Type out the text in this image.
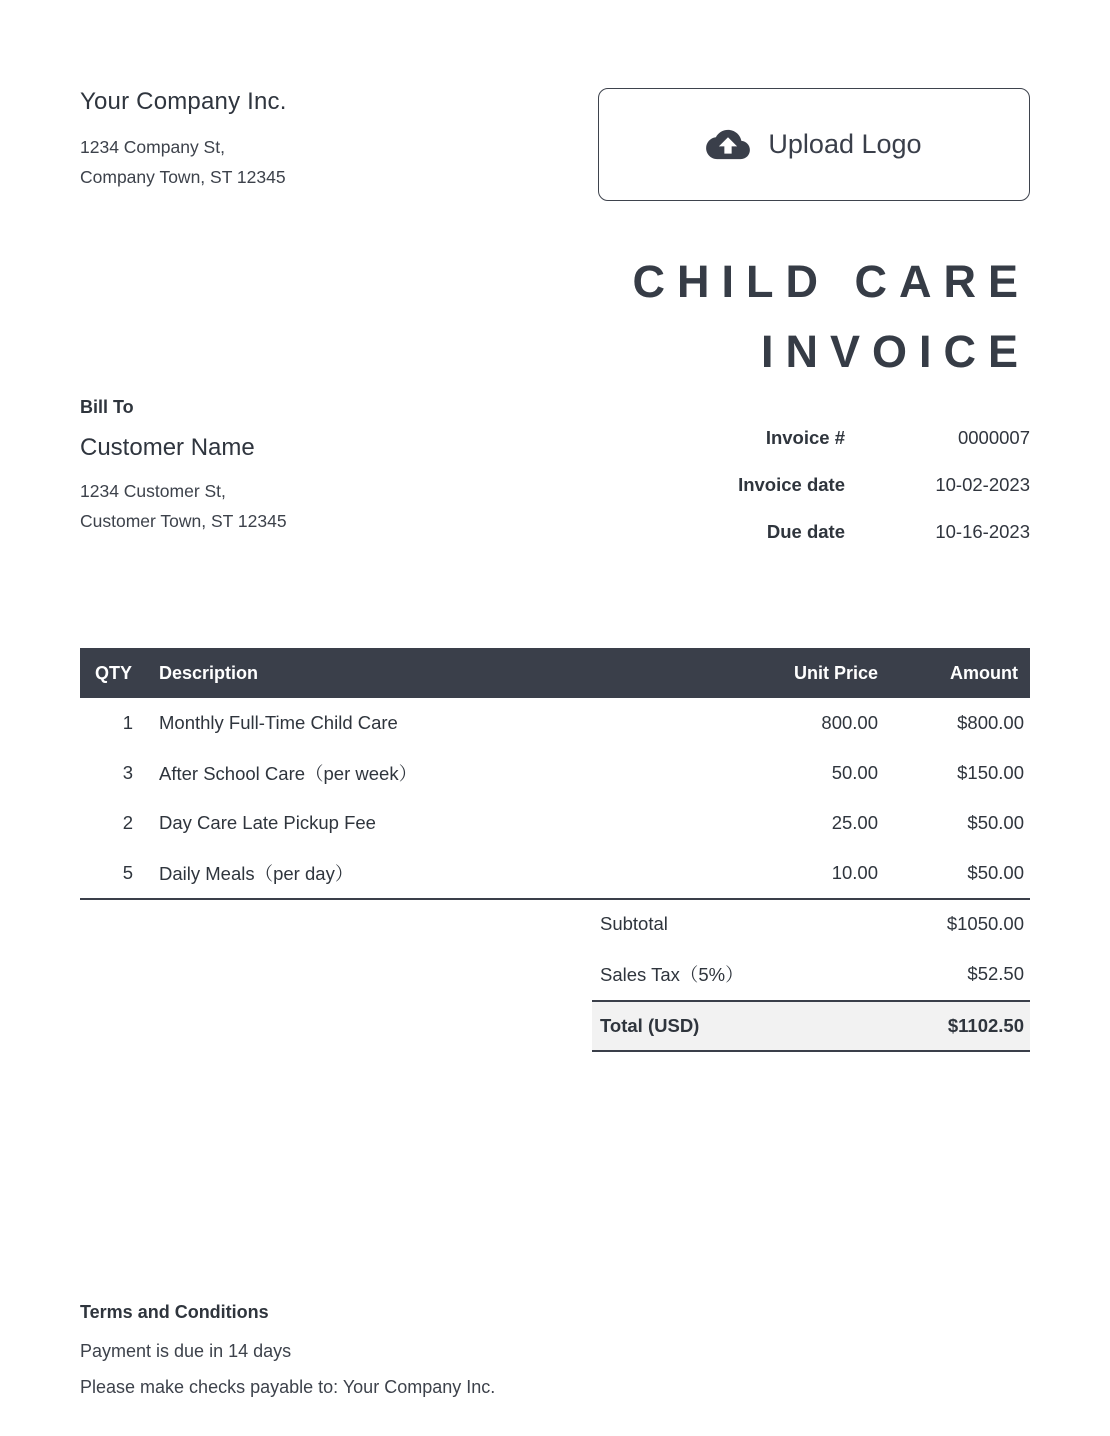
Your Company Inc.
1234 Company St,
Company Town, ST 12345
Upload Logo
CHILD CARE
INVOICE
Bill To
Customer Name
1234 Customer St,
Customer Town, ST 12345
Invoice #	0000007
Invoice date	10-02-2023
Due date	10-16-2023
QTY	Description	Unit Price	Amount
1	Monthly Full-Time Child Care	800.00	$800.00
3	After School Care（per week）	50.00	$150.00
2	Day Care Late Pickup Fee	25.00	$50.00
5	Daily Meals（per day）	10.00	$50.00
Subtotal	$1050.00
Sales Tax（5%）	$52.50
Total (USD)	$1102.50
Terms and Conditions
Payment is due in 14 days
Please make checks payable to: Your Company Inc.
